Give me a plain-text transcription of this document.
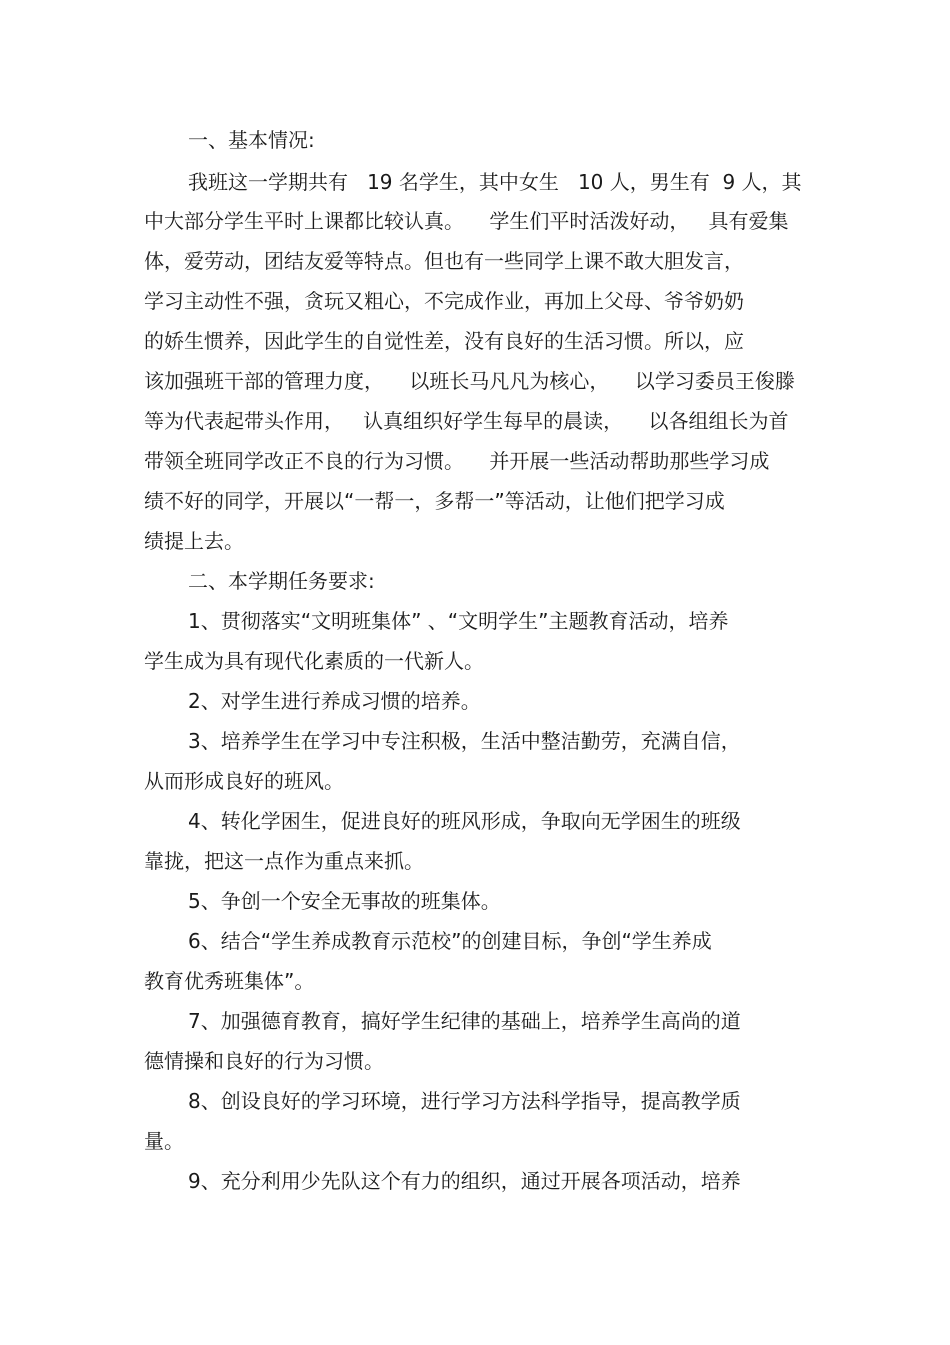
一、基本情况:
我班这一学期共有   19 名学生，其中女生   10 人，男生有  9 人，其
中大部分学生平时上课都比较认真。    学生们平时活泼好动，   具有爱集
体，爱劳动，团结友爱等特点。但也有一些同学上课不敢大胆发言，
学习主动性不强，贪玩又粗心，不完成作业，再加上父母、爷爷奶奶
的娇生惯养，因此学生的自觉性差，没有良好的生活习惯。所以，应
该加强班干部的管理力度，    以班长马凡凡为核心，    以学习委员王俊滕
等为代表起带头作用，   认真组织好学生每早的晨读，    以各组组长为首
带领全班同学改正不良的行为习惯。    并开展一些活动帮助那些学习成
绩不好的同学，开展以“一帮一，多帮一”等活动，让他们把学习成
绩提上去。
二、本学期任务要求:
1、贯彻落实“文明班集体” 、“文明学生”主题教育活动，培养
学生成为具有现代化素质的一代新人。
2、对学生进行养成习惯的培养。
3、培养学生在学习中专注积极，生活中整洁勤劳，充满自信，
从而形成良好的班风。
4、转化学困生，促进良好的班风形成，争取向无学困生的班级
靠拢，把这一点作为重点来抓。
5、争创一个安全无事故的班集体。
6、结合“学生养成教育示范校”的创建目标，争创“学生养成
教育优秀班集体”。
7、加强德育教育，搞好学生纪律的基础上，培养学生高尚的道
德情操和良好的行为习惯。
8、创设良好的学习环境，进行学习方法科学指导，提高教学质
量。
9、充分利用少先队这个有力的组织，通过开展各项活动，培养
